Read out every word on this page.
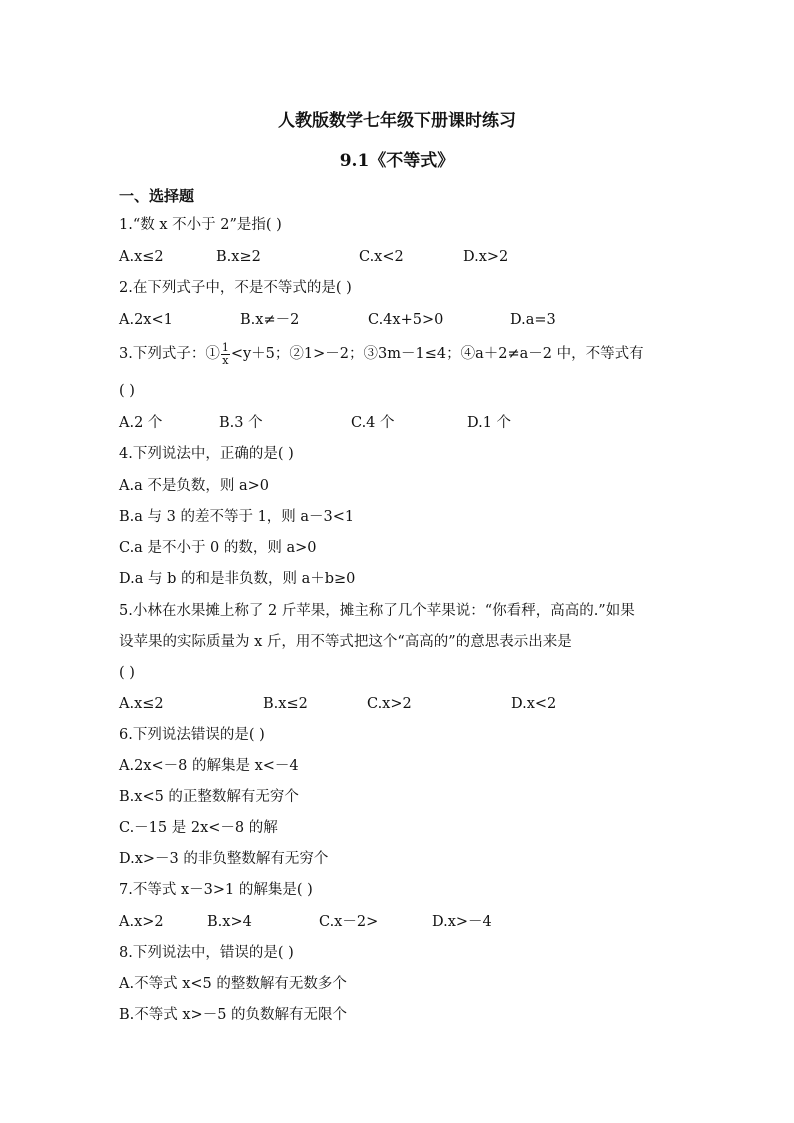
人教版数学七年级下册课时练习
9.1《不等式》
一、选择题
1.“数 x 不小于 2”是指( )
A.x≤2	B.x≥2	C.x<2	D.x>2
2.在下列式子中，不是不等式的是( )
A.2x<1	B.x≠－2	C.4x+5>0	D.a=3
3.下列式子：① $\frac{1}{x} <y+5$；②1>－2；③3m－1≤4；④a＋2≠a－2 中，不等式有
( )
A.2 个	B.3 个	C.4 个	D.1 个
4.下列说法中，正确的是( )
A.a 不是负数，则 a>0
B.a 与 3 的差不等于 1，则 a－3<1
C.a 是不小于 0 的数，则 a>0
D.a 与 b 的和是非负数，则 a＋b≥0
5.小林在水果摊上称了 2 斤苹果，摊主称了几个苹果说：“你看秤，高高的.”如果
设苹果的实际质量为 x 斤，用不等式把这个“高高的”的意思表示出来是
( )
A.x≤2	B.x≤2	C.x>2	D.x<2
6.下列说法错误的是( )
A.2x<－8 的解集是 x<－4
B.x<5 的正整数解有无穷个
C.－15 是 2x<－8 的解
D.x>－3 的非负整数解有无穷个
7.不等式 x－3>1 的解集是( )
A.x>2	B.x>4	C.x－2>	D.x>－4
8.下列说法中，错误的是( )
A.不等式 x<5 的整数解有无数多个
B.不等式 x>－5 的负数解有无限个
